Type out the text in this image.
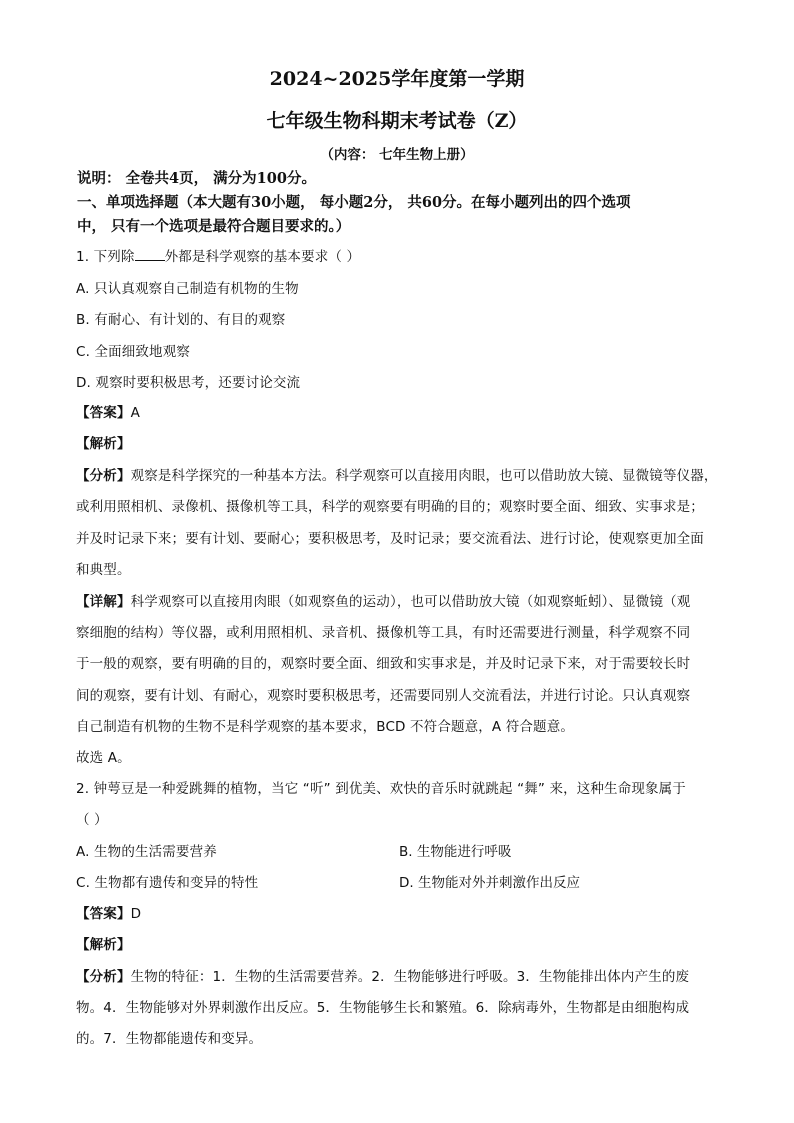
2024~2025学年度第一学期
七年级生物科期末考试卷（Z）
（内容： 七年生物上册）
说明： 全卷共4页， 满分为100分。
一、单项选择题（本大题有30小题， 每小题2分， 共60分。在每小题列出的四个选项
中， 只有一个选项是最符合题目要求的。）
1. 下列除 外都是科学观察的基本要求（ ）
A. 只认真观察自己制造有机物的生物
B. 有耐心、有计划的、有目的观察
C. 全面细致地观察
D. 观察时要积极思考，还要讨论交流
【答案】A
【解析】
【分析】观察是科学探究的一种基本方法。科学观察可以直接用肉眼，也可以借助放大镜、显微镜等仪器，
或利用照相机、录像机、摄像机等工具，科学的观察要有明确的目的；观察时要全面、细致、实事求是；
并及时记录下来；要有计划、要耐心；要积极思考，及时记录；要交流看法、进行讨论，使观察更加全面
和典型。
【详解】科学观察可以直接用肉眼（如观察鱼的运动），也可以借助放大镜（如观察蚯蚓）、显微镜（观
察细胞的结构）等仪器，或利用照相机、录音机、摄像机等工具，有时还需要进行测量，科学观察不同
于一般的观察，要有明确的目的，观察时要全面、细致和实事求是，并及时记录下来，对于需要较长时
间的观察，要有计划、有耐心，观察时要积极思考，还需要同别人交流看法，并进行讨论。只认真观察
自己制造有机物的生物不是科学观察的基本要求，BCD 不符合题意，A 符合题意。
故选 A。
2. 钟萼豆是一种爱跳舞的植物，当它 “听” 到优美、欢快的音乐时就跳起 “舞” 来，这种生命现象属于
（ ）
A. 生物的生活需要营养	B. 生物能进行呼吸
C. 生物都有遗传和变异的特性	D. 生物能对外并刺激作出反应
【答案】D
【解析】
【分析】生物的特征：1．生物的生活需要营养。2．生物能够进行呼吸。3．生物能排出体内产生的废
物。4．生物能够对外界刺激作出反应。5．生物能够生长和繁殖。6．除病毒外，生物都是由细胞构成
的。7．生物都能遗传和变异。
